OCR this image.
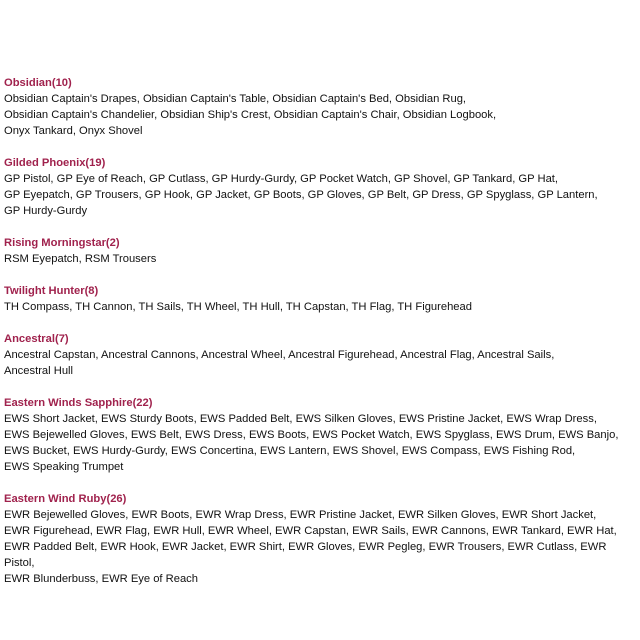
Obsidian(10)
Obsidian Captain's Drapes, Obsidian Captain's Table, Obsidian Captain's Bed, Obsidian Rug,
Obsidian Captain's Chandelier, Obsidian Ship's Crest, Obsidian Captain's Chair, Obsidian Logbook,
Onyx Tankard, Onyx Shovel
Gilded Phoenix(19)
GP Pistol, GP Eye of Reach, GP Cutlass, GP Hurdy-Gurdy, GP Pocket Watch, GP Shovel, GP Tankard, GP Hat,
GP Eyepatch, GP Trousers, GP Hook, GP Jacket, GP Boots, GP Gloves, GP Belt, GP Dress, GP Spyglass, GP Lantern,
GP Hurdy-Gurdy
Rising Morningstar(2)
RSM Eyepatch, RSM Trousers
Twilight Hunter(8)
TH Compass, TH Cannon, TH Sails, TH Wheel, TH Hull, TH Capstan, TH Flag, TH Figurehead
Ancestral(7)
Ancestral Capstan, Ancestral Cannons, Ancestral Wheel, Ancestral Figurehead, Ancestral Flag, Ancestral Sails,
Ancestral Hull
Eastern Winds Sapphire(22)
EWS Short Jacket, EWS Sturdy Boots, EWS Padded Belt, EWS Silken Gloves, EWS Pristine Jacket, EWS Wrap Dress,
EWS Bejewelled Gloves, EWS Belt, EWS Dress, EWS Boots, EWS Pocket Watch, EWS Spyglass, EWS Drum, EWS Banjo,
EWS Bucket, EWS Hurdy-Gurdy, EWS Concertina, EWS Lantern, EWS Shovel, EWS Compass, EWS Fishing Rod,
EWS Speaking Trumpet
Eastern Wind Ruby(26)
EWR Bejewelled Gloves, EWR Boots, EWR Wrap Dress, EWR Pristine Jacket, EWR Silken Gloves, EWR Short Jacket,
EWR Figurehead, EWR Flag, EWR Hull, EWR Wheel, EWR Capstan, EWR Sails, EWR Cannons, EWR Tankard, EWR Hat,
EWR Padded Belt, EWR Hook, EWR Jacket, EWR Shirt, EWR Gloves, EWR Pegleg, EWR Trousers, EWR Cutlass, EWR Pistol,
EWR Blunderbuss, EWR Eye of Reach
